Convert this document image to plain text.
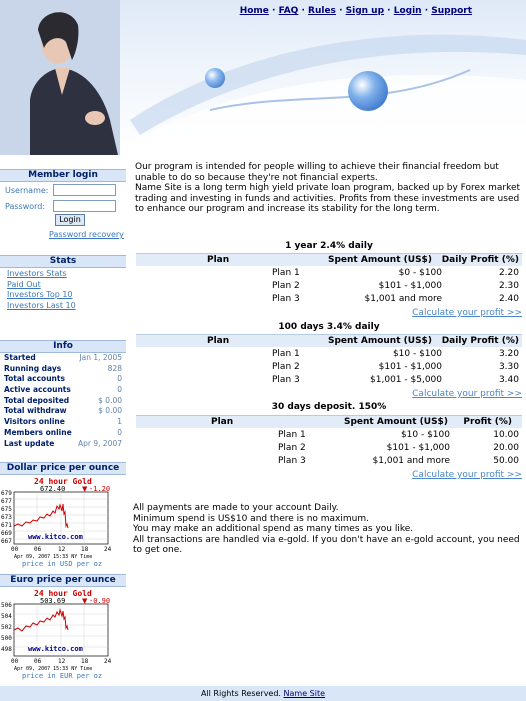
Home · FAQ · Rules · Sign up · Login · Support
Member login
Username:
Password:
Login
Password recovery
Stats
Investors Stats
Paid Out
Investors Top 10
Investors Last 10
Info
Started	Jan 1, 2005
Running days	828
Total accounts	0
Active accounts	0
Total deposited	$ 0.00
Total withdraw	$ 0.00
Visitors online	1
Members online	0
Last update	Apr 9, 2007
Dollar price per ounce
24 hour Gold
672.40 ▼ -1.20
679
677
675
673
671
669
667
00	06	12	18	24
www.kitco.com
Apr 09, 2007 15:33 NY Time
price in USD per oz
Euro price per ounce
24 hour Gold
503.69 ▼ -0.90
506
504
502
500
498
00	06	12	18	24
www.kitco.com
Apr 09, 2007 15:33 NY Time
price in EUR per oz

Our program is intended for people willing to achieve their financial freedom but unable to do so because they're not financial experts.

Name Site is a long term high yield private loan program, backed up by Forex market trading and investing in funds and activities. Profits from these investments are used to enhance our program and increase its stability for the long term.

1 year 2.4% daily
Plan	Spent Amount (US$) Daily Profit (%)
Plan 1	$0 - $100	2.20
Plan 2	$101 - $1,000	2.30
Plan 3	$1,001 and more	2.40
Calculate your profit >>
100 days 3.4% daily
Plan	Spent Amount (US$) Daily Profit (%)
Plan 1	$10 - $100	3.20
Plan 2	$101 - $1,000	3.30
Plan 3	$1,001 - $5,000	3.40
Calculate your profit >>
30 days deposit. 150%
Plan	Spent Amount (US$) Profit (%)
Plan 1	$10 - $100	10.00
Plan 2	$101 - $1,000	20.00
Plan 3	$1,001 and more	50.00
Calculate your profit >>

All payments are made to your account Daily.

Minimum spend is US$10 and there is no maximum.

You may make an additional spend as many times as you like.

All transactions are handled via e-gold. If you don't have an e-gold account, you need to get one.

All Rights Reserved. Name Site
